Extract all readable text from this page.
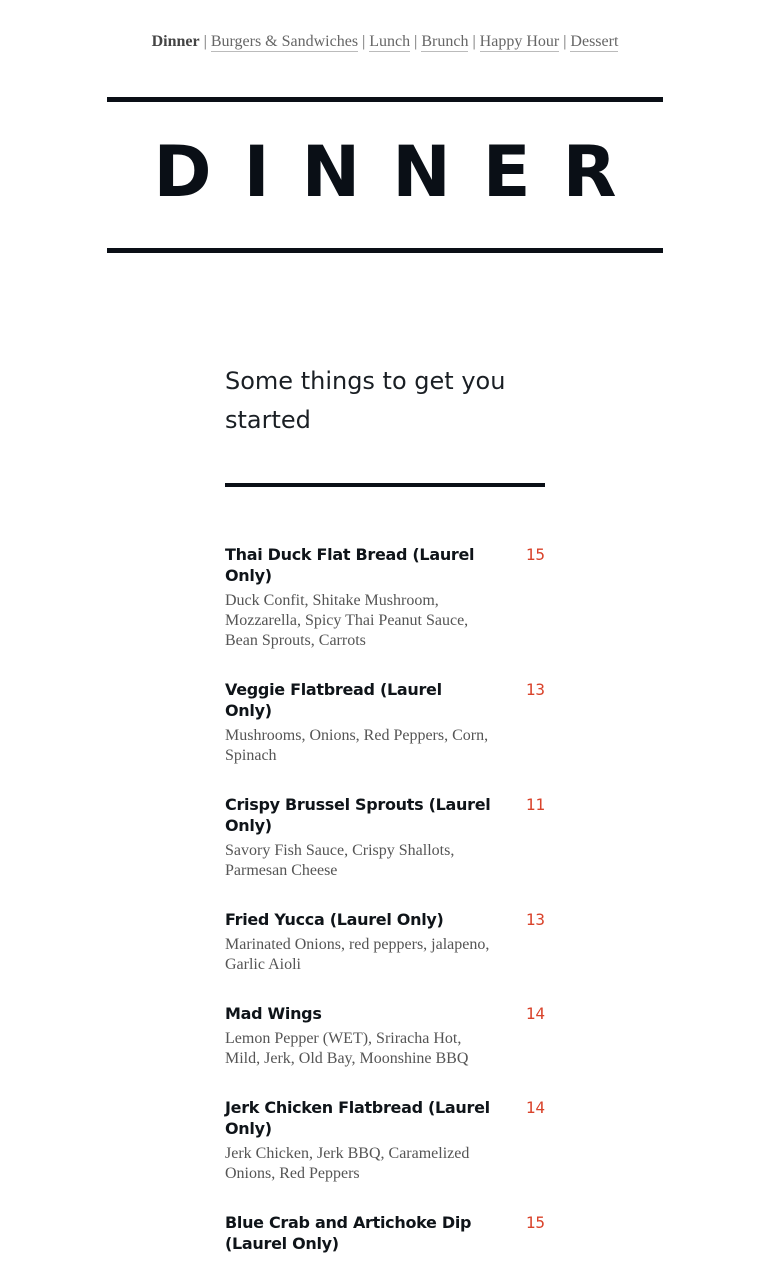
Dinner | Burgers & Sandwiches | Lunch | Brunch | Happy Hour | Dessert
DINNER
Some things to get you started
Thai Duck Flat Bread (Laurel Only)
15
Duck Confit, Shitake Mushroom, Mozzarella, Spicy Thai Peanut Sauce, Bean Sprouts, Carrots
Veggie Flatbread (Laurel Only)
13
Mushrooms, Onions, Red Peppers, Corn, Spinach
Crispy Brussel Sprouts (Laurel Only)
11
Savory Fish Sauce, Crispy Shallots, Parmesan Cheese
Fried Yucca (Laurel Only)	13
Marinated Onions, red peppers, jalapeno, Garlic Aioli
Mad Wings	14
Lemon Pepper (WET), Sriracha Hot, Mild, Jerk, Old Bay, Moonshine BBQ
Jerk Chicken Flatbread (Laurel Only)
14
Jerk Chicken, Jerk BBQ, Caramelized Onions, Red Peppers
Blue Crab and Artichoke Dip (Laurel Only)
15
